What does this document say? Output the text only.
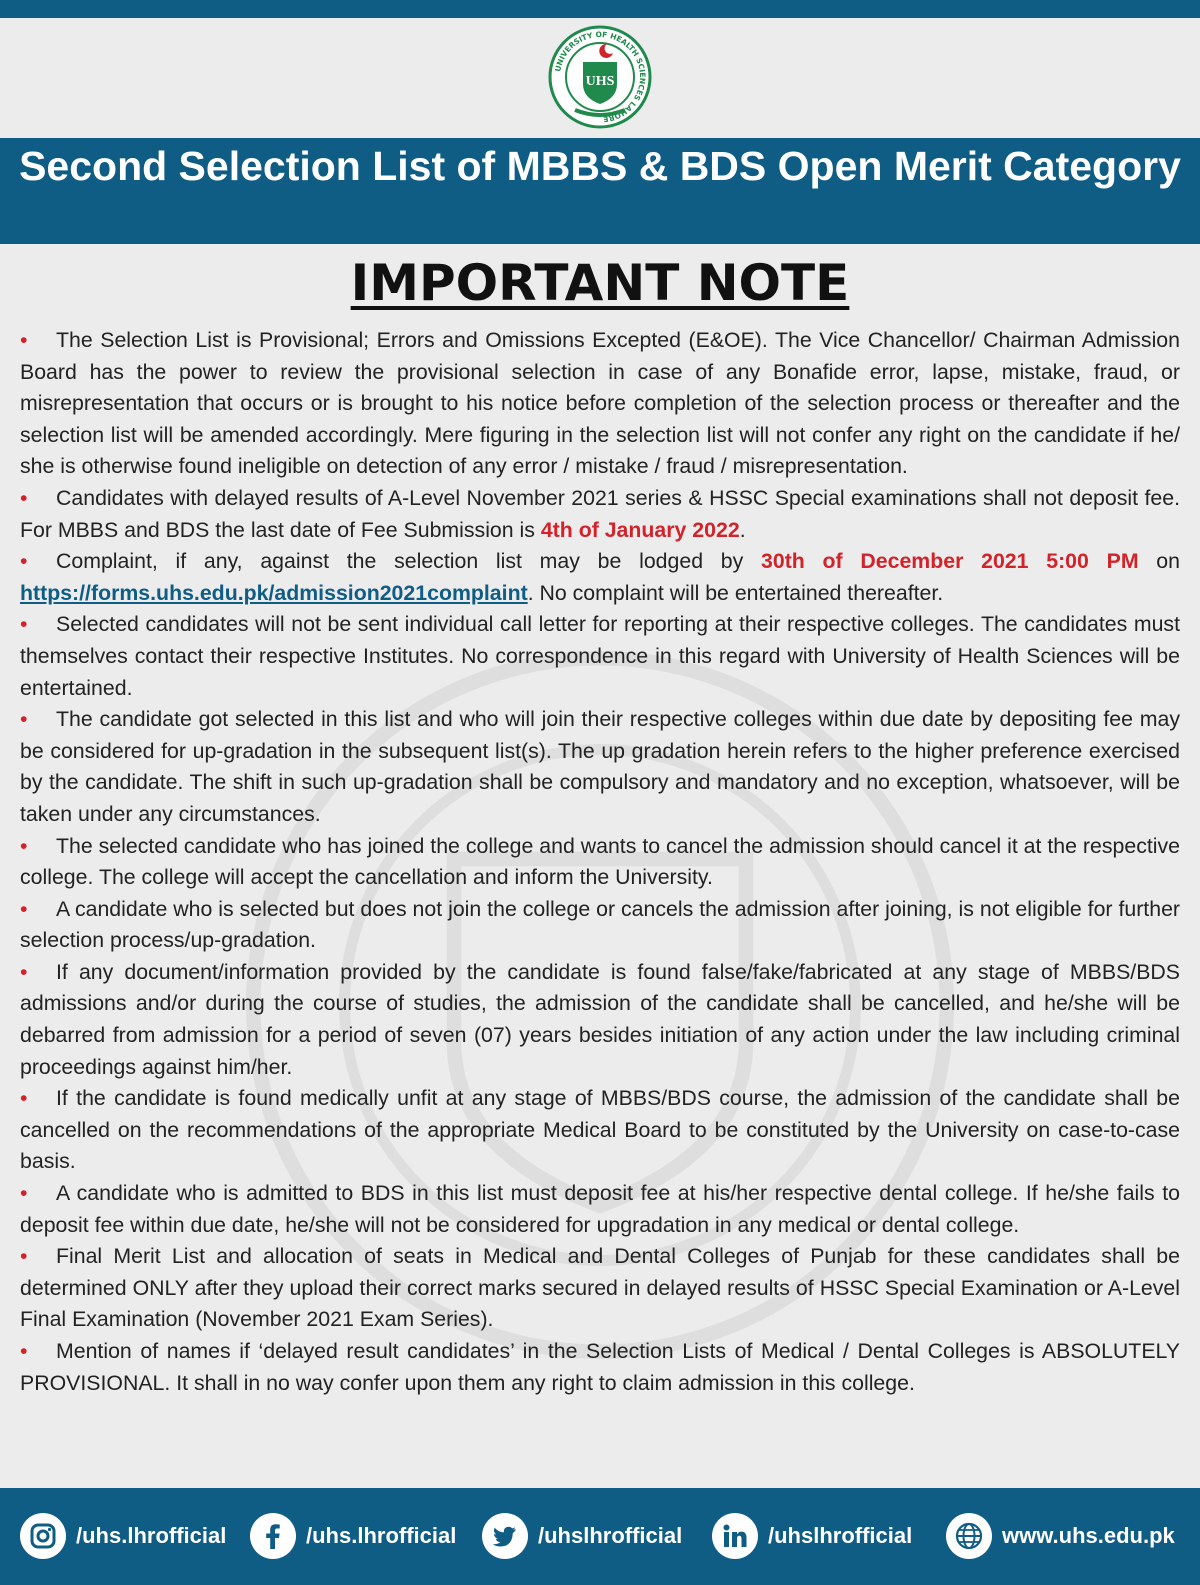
UNIVERSITY OF HEALTH SCIENCES LAHORE
UHS
Second Selection List of MBBS & BDS Open Merit Category
IMPORTANT NOTE

• The Selection List is Provisional; Errors and Omissions Excepted (E&OE). The Vice Chancellor/ Chairman Admission Board has the power to review the provisional selection in case of any Bonafide error, lapse, mistake, fraud, or misrepresentation that occurs or is brought to his notice before completion of the selection process or thereafter and the selection list will be amended accordingly. Mere figuring in the selection list will not confer any right on the candidate if he/ she is otherwise found ineligible on detection of any error / mistake / fraud / misrepresentation.

• Candidates with delayed results of A-Level November 2021 series & HSSC Special examinations shall not deposit fee. For MBBS and BDS the last date of Fee Submission is 4th of January 2022.

• Complaint, if any, against the selection list may be lodged by 30th of December 2021 5:00 PM on https://forms.uhs.edu.pk/admission2021complaint. No complaint will be entertained thereafter.

• Selected candidates will not be sent individual call letter for reporting at their respective colleges. The candidates must themselves contact their respective Institutes. No correspondence in this regard with University of Health Sciences will be entertained.

• The candidate got selected in this list and who will join their respective colleges within due date by depositing fee may be considered for up-gradation in the subsequent list(s). The up gradation herein refers to the higher preference exercised by the candidate. The shift in such up-gradation shall be compulsory and mandatory and no exception, whatsoever, will be taken under any circumstances.

• The selected candidate who has joined the college and wants to cancel the admission should cancel it at the respective college. The college will accept the cancellation and inform the University.

• A candidate who is selected but does not join the college or cancels the admission after joining, is not eligible for further selection process/up-gradation.

• If any document/information provided by the candidate is found false/fake/fabricated at any stage of MBBS/BDS admissions and/or during the course of studies, the admission of the candidate shall be cancelled, and he/she will be debarred from admission for a period of seven (07) years besides initiation of any action under the law including criminal proceedings against him/her.

• If the candidate is found medically unfit at any stage of MBBS/BDS course, the admission of the candidate shall be cancelled on the recommendations of the appropriate Medical Board to be constituted by the University on case-to-case basis.

• A candidate who is admitted to BDS in this list must deposit fee at his/her respective dental college. If he/she fails to deposit fee within due date, he/she will not be considered for upgradation in any medical or dental college.

• Final Merit List and allocation of seats in Medical and Dental Colleges of Punjab for these candidates shall be determined ONLY after they upload their correct marks secured in delayed results of HSSC Special Examination or A-Level Final Examination (November 2021 Exam Series).

• Mention of names if ‘delayed result candidates’ in the Selection Lists of Medical / Dental Colleges is ABSOLUTELY PROVISIONAL. It shall in no way confer upon them any right to claim admission in this college.

/uhs.lhrofficial	/uhs.lhrofficial	/uhslhrofficial	/uhslhrofficial	www.uhs.edu.pk
